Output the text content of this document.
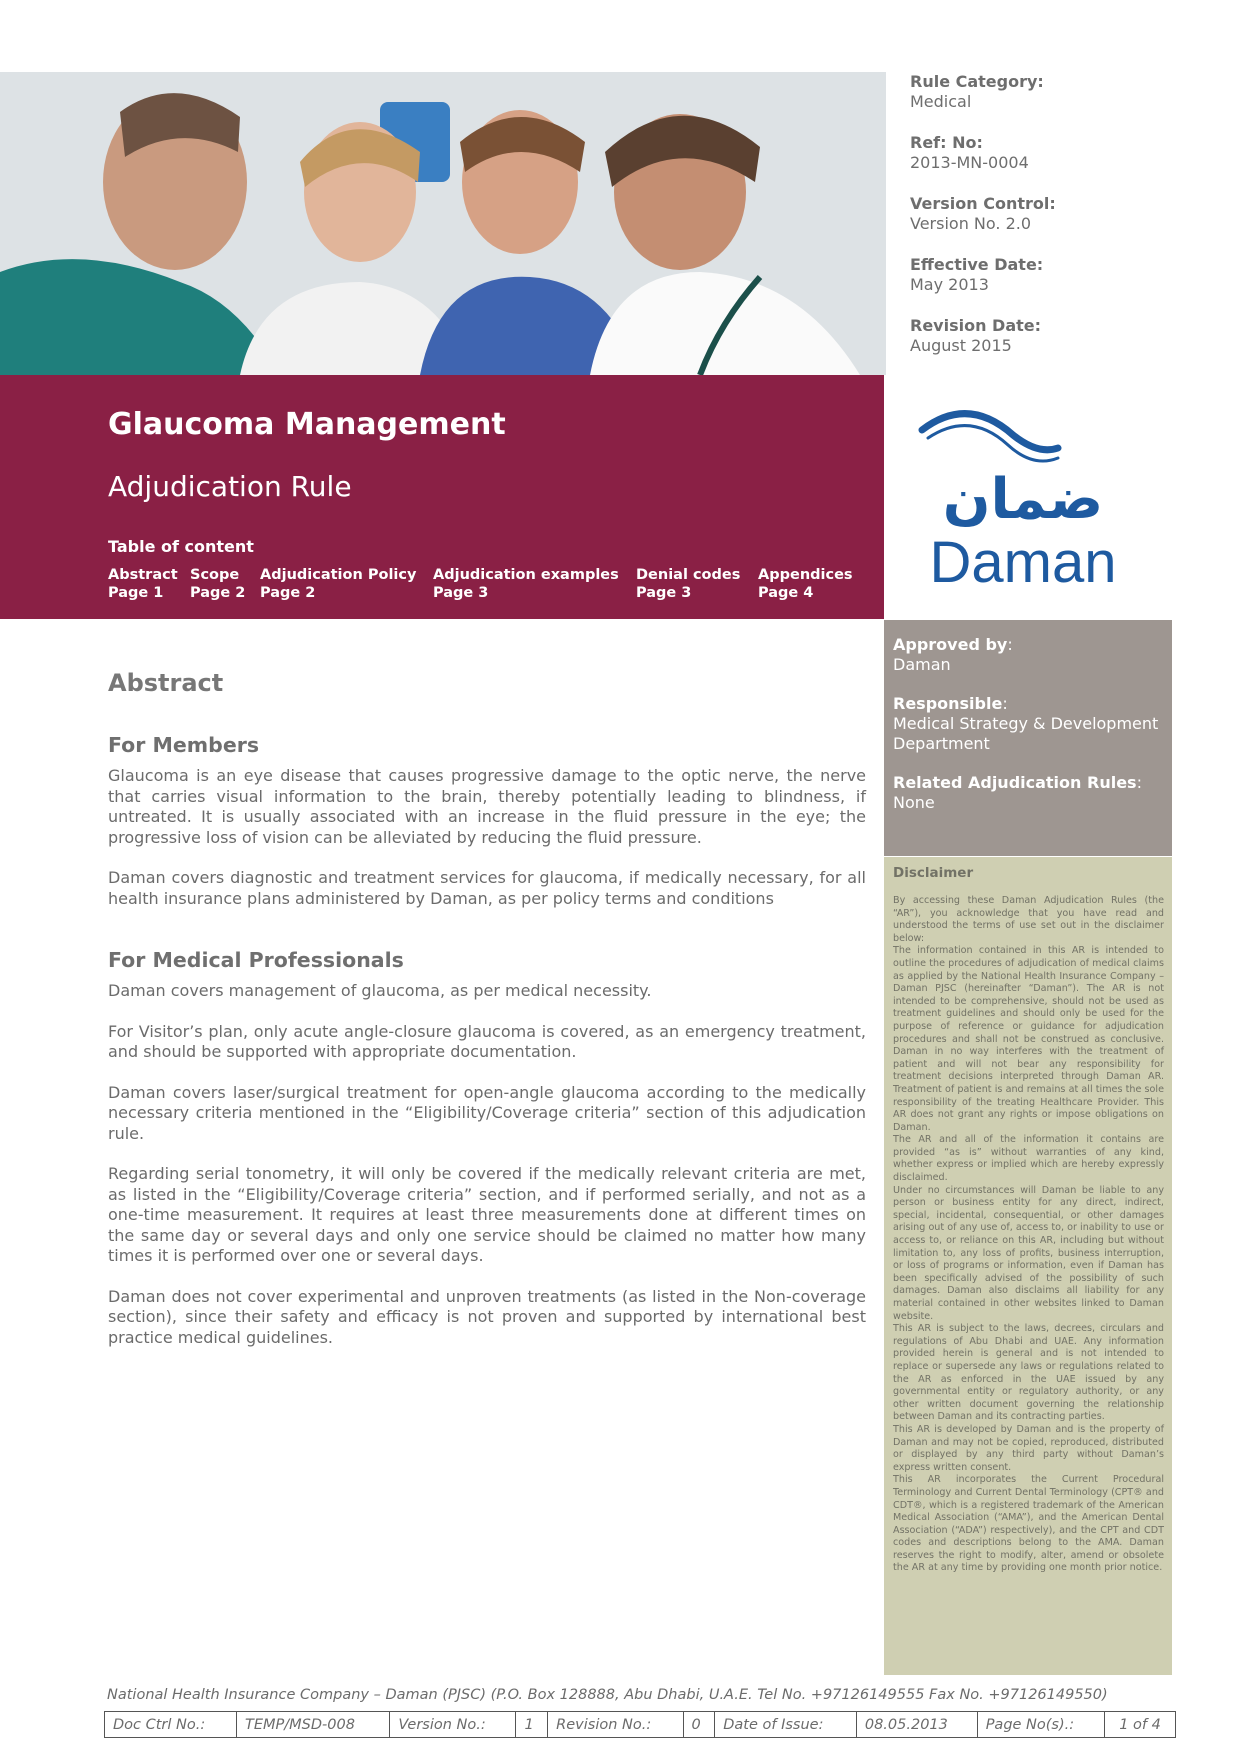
Rule Category:
Medical
Ref: No:
2013-MN-0004
Version Control:
Version No. 2.0
Effective Date:
May 2013
Revision Date:
August 2015
Glaucoma Management
Adjudication Rule
Table of content
Abstract
Page 1
Scope
Page 2
Adjudication Policy
Page 2
Adjudication examples
Page 3
Denial codes
Page 3
Appendices
Page 4
ضمان
Daman
Approved by:
Daman
Responsible:
Medical Strategy & Development Department
Related Adjudication Rules:
None
Disclaimer

By accessing these Daman Adjudication Rules (the “AR”), you acknowledge that you have read and understood the terms of use set out in the disclaimer below:

The information contained in this AR is intended to outline the procedures of adjudication of medical claims as applied by the National Health Insurance Company – Daman PJSC (hereinafter “Daman”). The AR is not intended to be comprehensive, should not be used as treatment guidelines and should only be used for the purpose of reference or guidance for adjudication procedures and shall not be construed as conclusive. Daman in no way interferes with the treatment of patient and will not bear any responsibility for treatment decisions interpreted through Daman AR. Treatment of patient is and remains at all times the sole responsibility of the treating Healthcare Provider. This AR does not grant any rights or impose obligations on Daman.

The AR and all of the information it contains are provided “as is” without warranties of any kind, whether express or implied which are hereby expressly disclaimed.

Under no circumstances will Daman be liable to any person or business entity for any direct, indirect, special, incidental, consequential, or other damages arising out of any use of, access to, or inability to use or access to, or reliance on this AR, including but without limitation to, any loss of profits, business interruption, or loss of programs or information, even if Daman has been specifically advised of the possibility of such damages. Daman also disclaims all liability for any material contained in other websites linked to Daman website.

This AR is subject to the laws, decrees, circulars and regulations of Abu Dhabi and UAE. Any information provided herein is general and is not intended to replace or supersede any laws or regulations related to the AR as enforced in the UAE issued by any governmental entity or regulatory authority, or any other written document governing the relationship between Daman and its contracting parties.

This AR is developed by Daman and is the property of Daman and may not be copied, reproduced, distributed or displayed by any third party without Daman’s express written consent.

This AR incorporates the Current Procedural Terminology and Current Dental Terminology (CPT® and CDT®, which is a registered trademark of the American Medical Association (“AMA”), and the American Dental Association (“ADA”) respectively), and the CPT and CDT codes and descriptions belong to the AMA. Daman reserves the right to modify, alter, amend or obsolete the AR at any time by providing one month prior notice.

Abstract
For Members

Glaucoma is an eye disease that causes progressive damage to the optic nerve, the nerve that carries visual information to the brain, thereby potentially leading to blindness, if untreated. It is usually associated with an increase in the fluid pressure in the eye; the progressive loss of vision can be alleviated by reducing the fluid pressure.

Daman covers diagnostic and treatment services for glaucoma, if medically necessary, for all health insurance plans administered by Daman, as per policy terms and conditions

For Medical Professionals

Daman covers management of glaucoma, as per medical necessity.

For Visitor’s plan, only acute angle-closure glaucoma is covered, as an emergency treatment, and should be supported with appropriate documentation.

Daman covers laser/surgical treatment for open-angle glaucoma according to the medically necessary criteria mentioned in the “Eligibility/Coverage criteria” section of this adjudication rule.

Regarding serial tonometry, it will only be covered if the medically relevant criteria are met, as listed in the “Eligibility/Coverage criteria” section, and if performed serially, and not as a one-time measurement. It requires at least three measurements done at different times on the same day or several days and only one service should be claimed no matter how many times it is performed over one or several days.

Daman does not cover experimental and unproven treatments (as listed in the Non-coverage section), since their safety and efficacy is not proven and supported by international best practice medical guidelines.

National Health Insurance Company – Daman (PJSC) (P.O. Box 128888, Abu Dhabi, U.A.E. Tel No. +97126149555 Fax No. +97126149550)
Doc Ctrl No.:	TEMP/MSD-008	Version No.:	1	Revision No.:	0	Date of Issue:	08.05.2013	Page No(s).:	1 of 4
